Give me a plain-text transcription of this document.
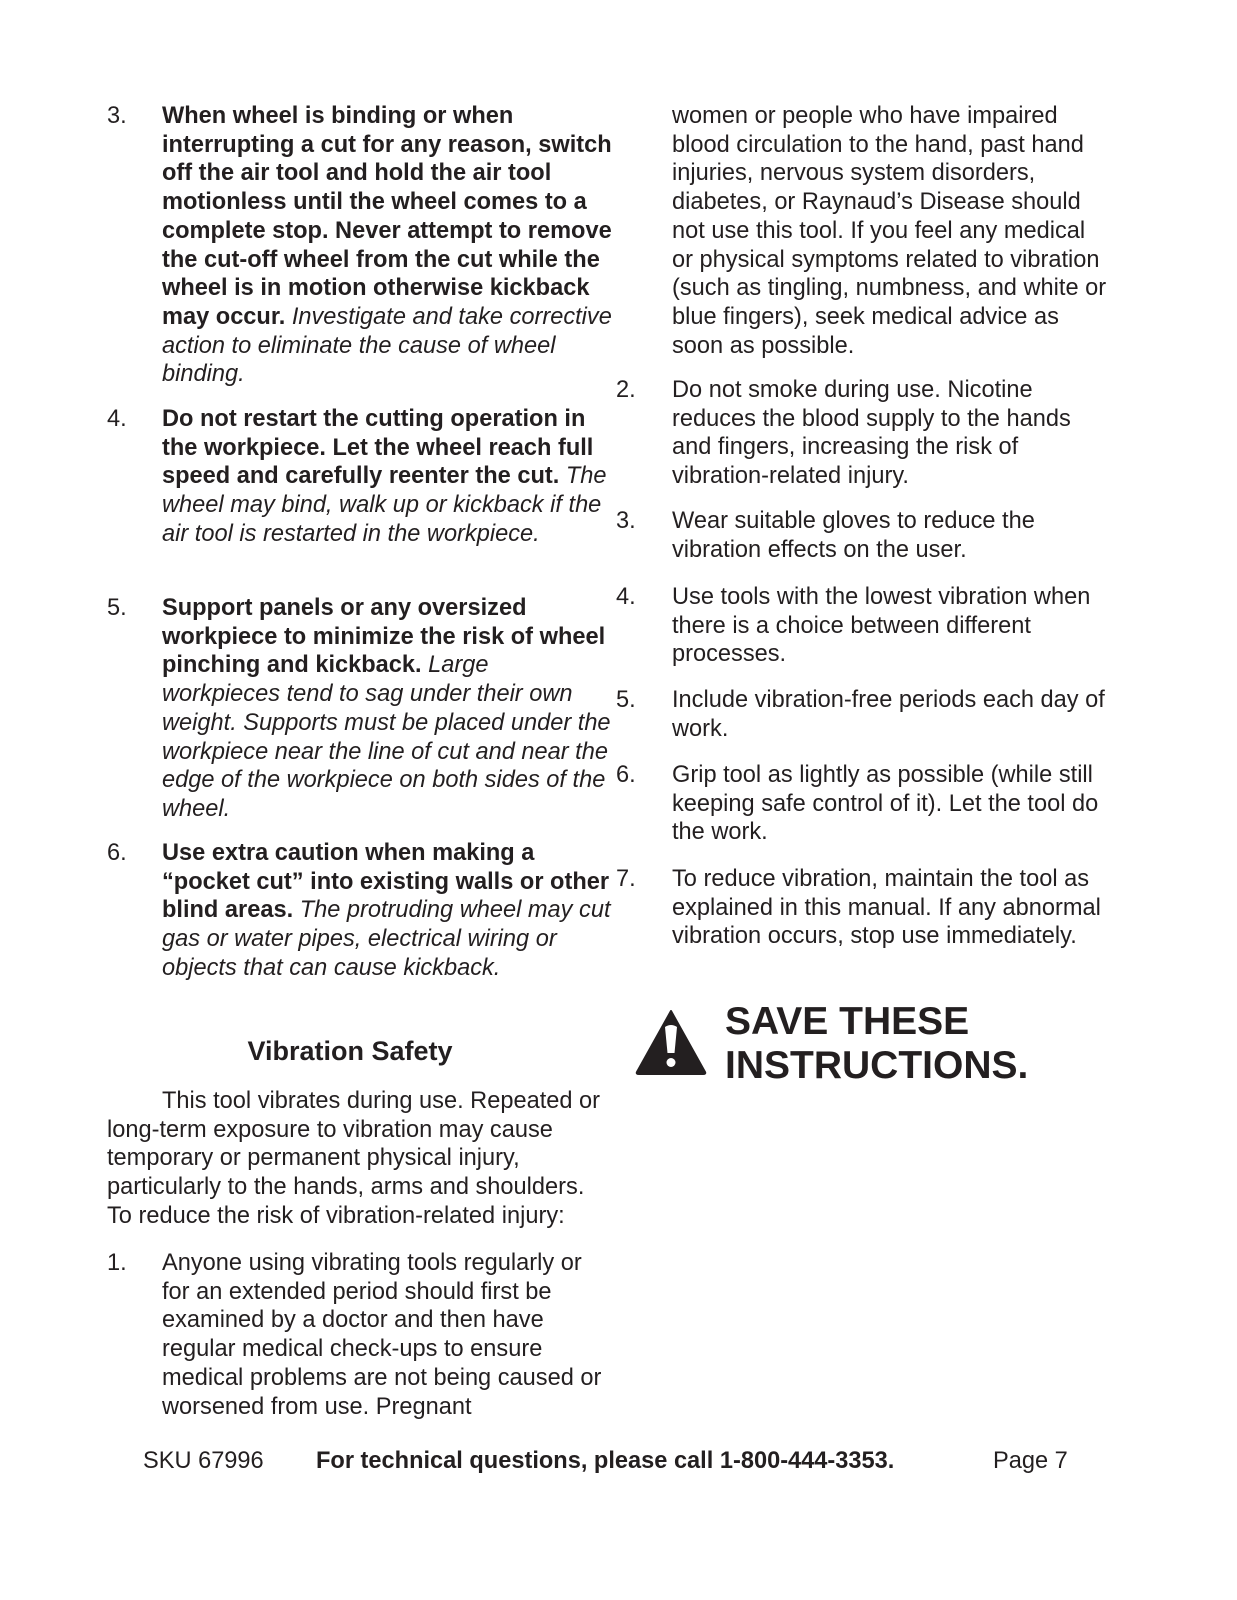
3. When wheel is binding or when interrupting a cut for any reason, switch off the air tool and hold the air tool motionless until the wheel comes to a complete stop. Never attempt to remove the cut-off wheel from the cut while the wheel is in motion otherwise kickback may occur. Investigate and take corrective action to eliminate the cause of wheel binding.
4. Do not restart the cutting operation in the workpiece. Let the wheel reach full speed and carefully reenter the cut. The wheel may bind, walk up or kickback if the air tool is restarted in the workpiece.
5. Support panels or any oversized workpiece to minimize the risk of wheel pinching and kickback. Large workpieces tend to sag under their own weight. Supports must be placed under the workpiece near the line of cut and near the edge of the workpiece on both sides of the wheel.
6. Use extra caution when making a “pocket cut” into existing walls or other blind areas. The protruding wheel may cut gas or water pipes, electrical wiring or objects that can cause kickback.
Vibration Safety
This tool vibrates during use. Repeated or long-term exposure to vibration may cause temporary or permanent physical injury, particularly to the hands, arms and shoulders. To reduce the risk of vibration-related injury:
1. Anyone using vibrating tools regularly or for an extended period should first be examined by a doctor and then have regular medical check-ups to ensure medical problems are not being caused or worsened from use. Pregnant
women or people who have impaired blood circulation to the hand, past hand injuries, nervous system disorders, diabetes, or Raynaud’s Disease should not use this tool. If you feel any medical or physical symptoms related to vibration (such as tingling, numbness, and white or blue fingers), seek medical advice as soon as possible.
2. Do not smoke during use. Nicotine reduces the blood supply to the hands and fingers, increasing the risk of vibration-related injury.
3. Wear suitable gloves to reduce the vibration effects on the user.
4. Use tools with the lowest vibration when there is a choice between different processes.
5. Include vibration-free periods each day of work.
6. Grip tool as lightly as possible (while still keeping safe control of it). Let the tool do the work.
7. To reduce vibration, maintain the tool as explained in this manual. If any abnormal vibration occurs, stop use immediately.
SAVE THESE
INSTRUCTIONS.
SKU 67996 For technical questions, please call 1-800-444-3353.	Page 7
